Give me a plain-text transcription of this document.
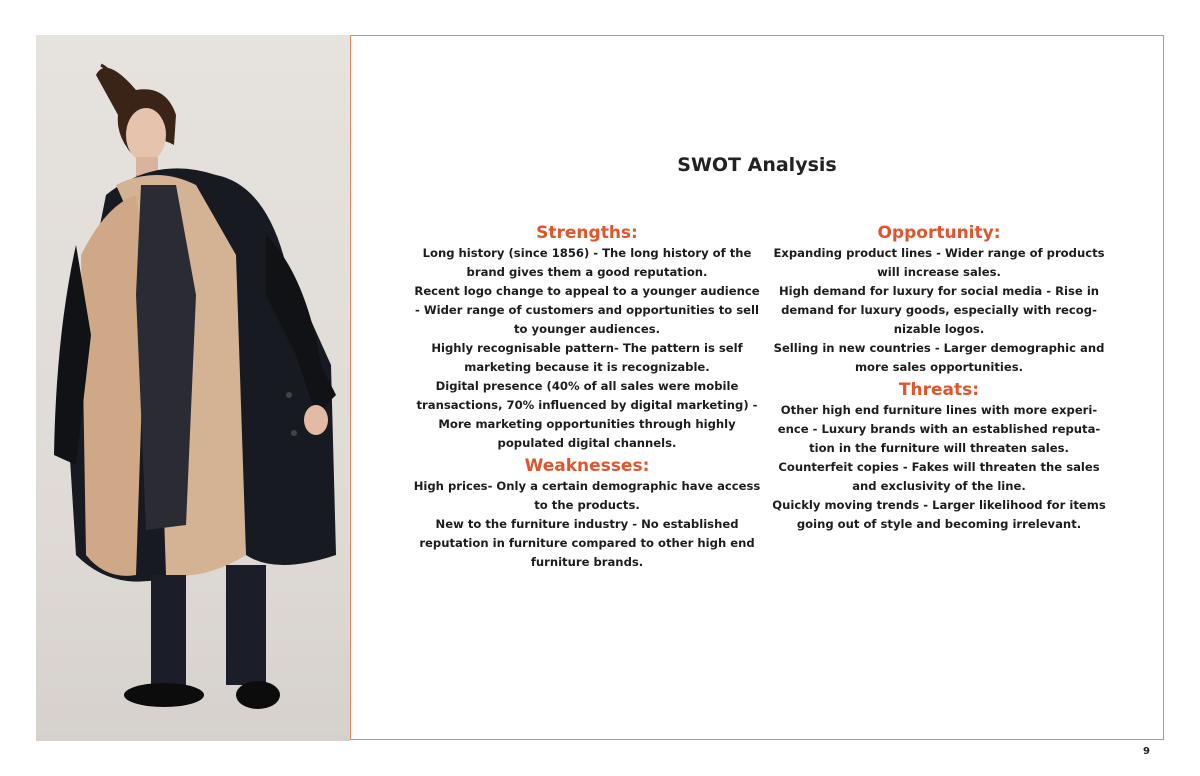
SWOT Analysis
Strengths:

Long history (since 1856) - The long history of the brand gives them a good reputation.

Recent logo change to appeal to a younger audience - Wider range of customers and opportunities to sell to younger audiences.

Highly recognisable pattern- The pattern is self marketing because it is recognizable.

Digital presence (40% of all sales were mobile transactions, 70% influenced by digital marketing) - More marketing opportunities through highly populated digital channels.

Weaknesses:

High prices- Only a certain demographic have access to the products.

New to the furniture industry - No established reputation in furniture compared to other high end furniture brands.

Opportunity:

Expanding product lines - Wider range of products will increase sales.

High demand for luxury for social media - Rise in demand for luxury goods, especially with recognizable logos.

Selling in new countries - Larger demographic and more sales opportunities.

Threats:

Other high end furniture lines with more experience - Luxury brands with an established reputation in the furniture will threaten sales.

Counterfeit copies - Fakes will threaten the sales and exclusivity of the line.

Quickly moving trends - Larger likelihood for items going out of style and becoming irrelevant.

9
